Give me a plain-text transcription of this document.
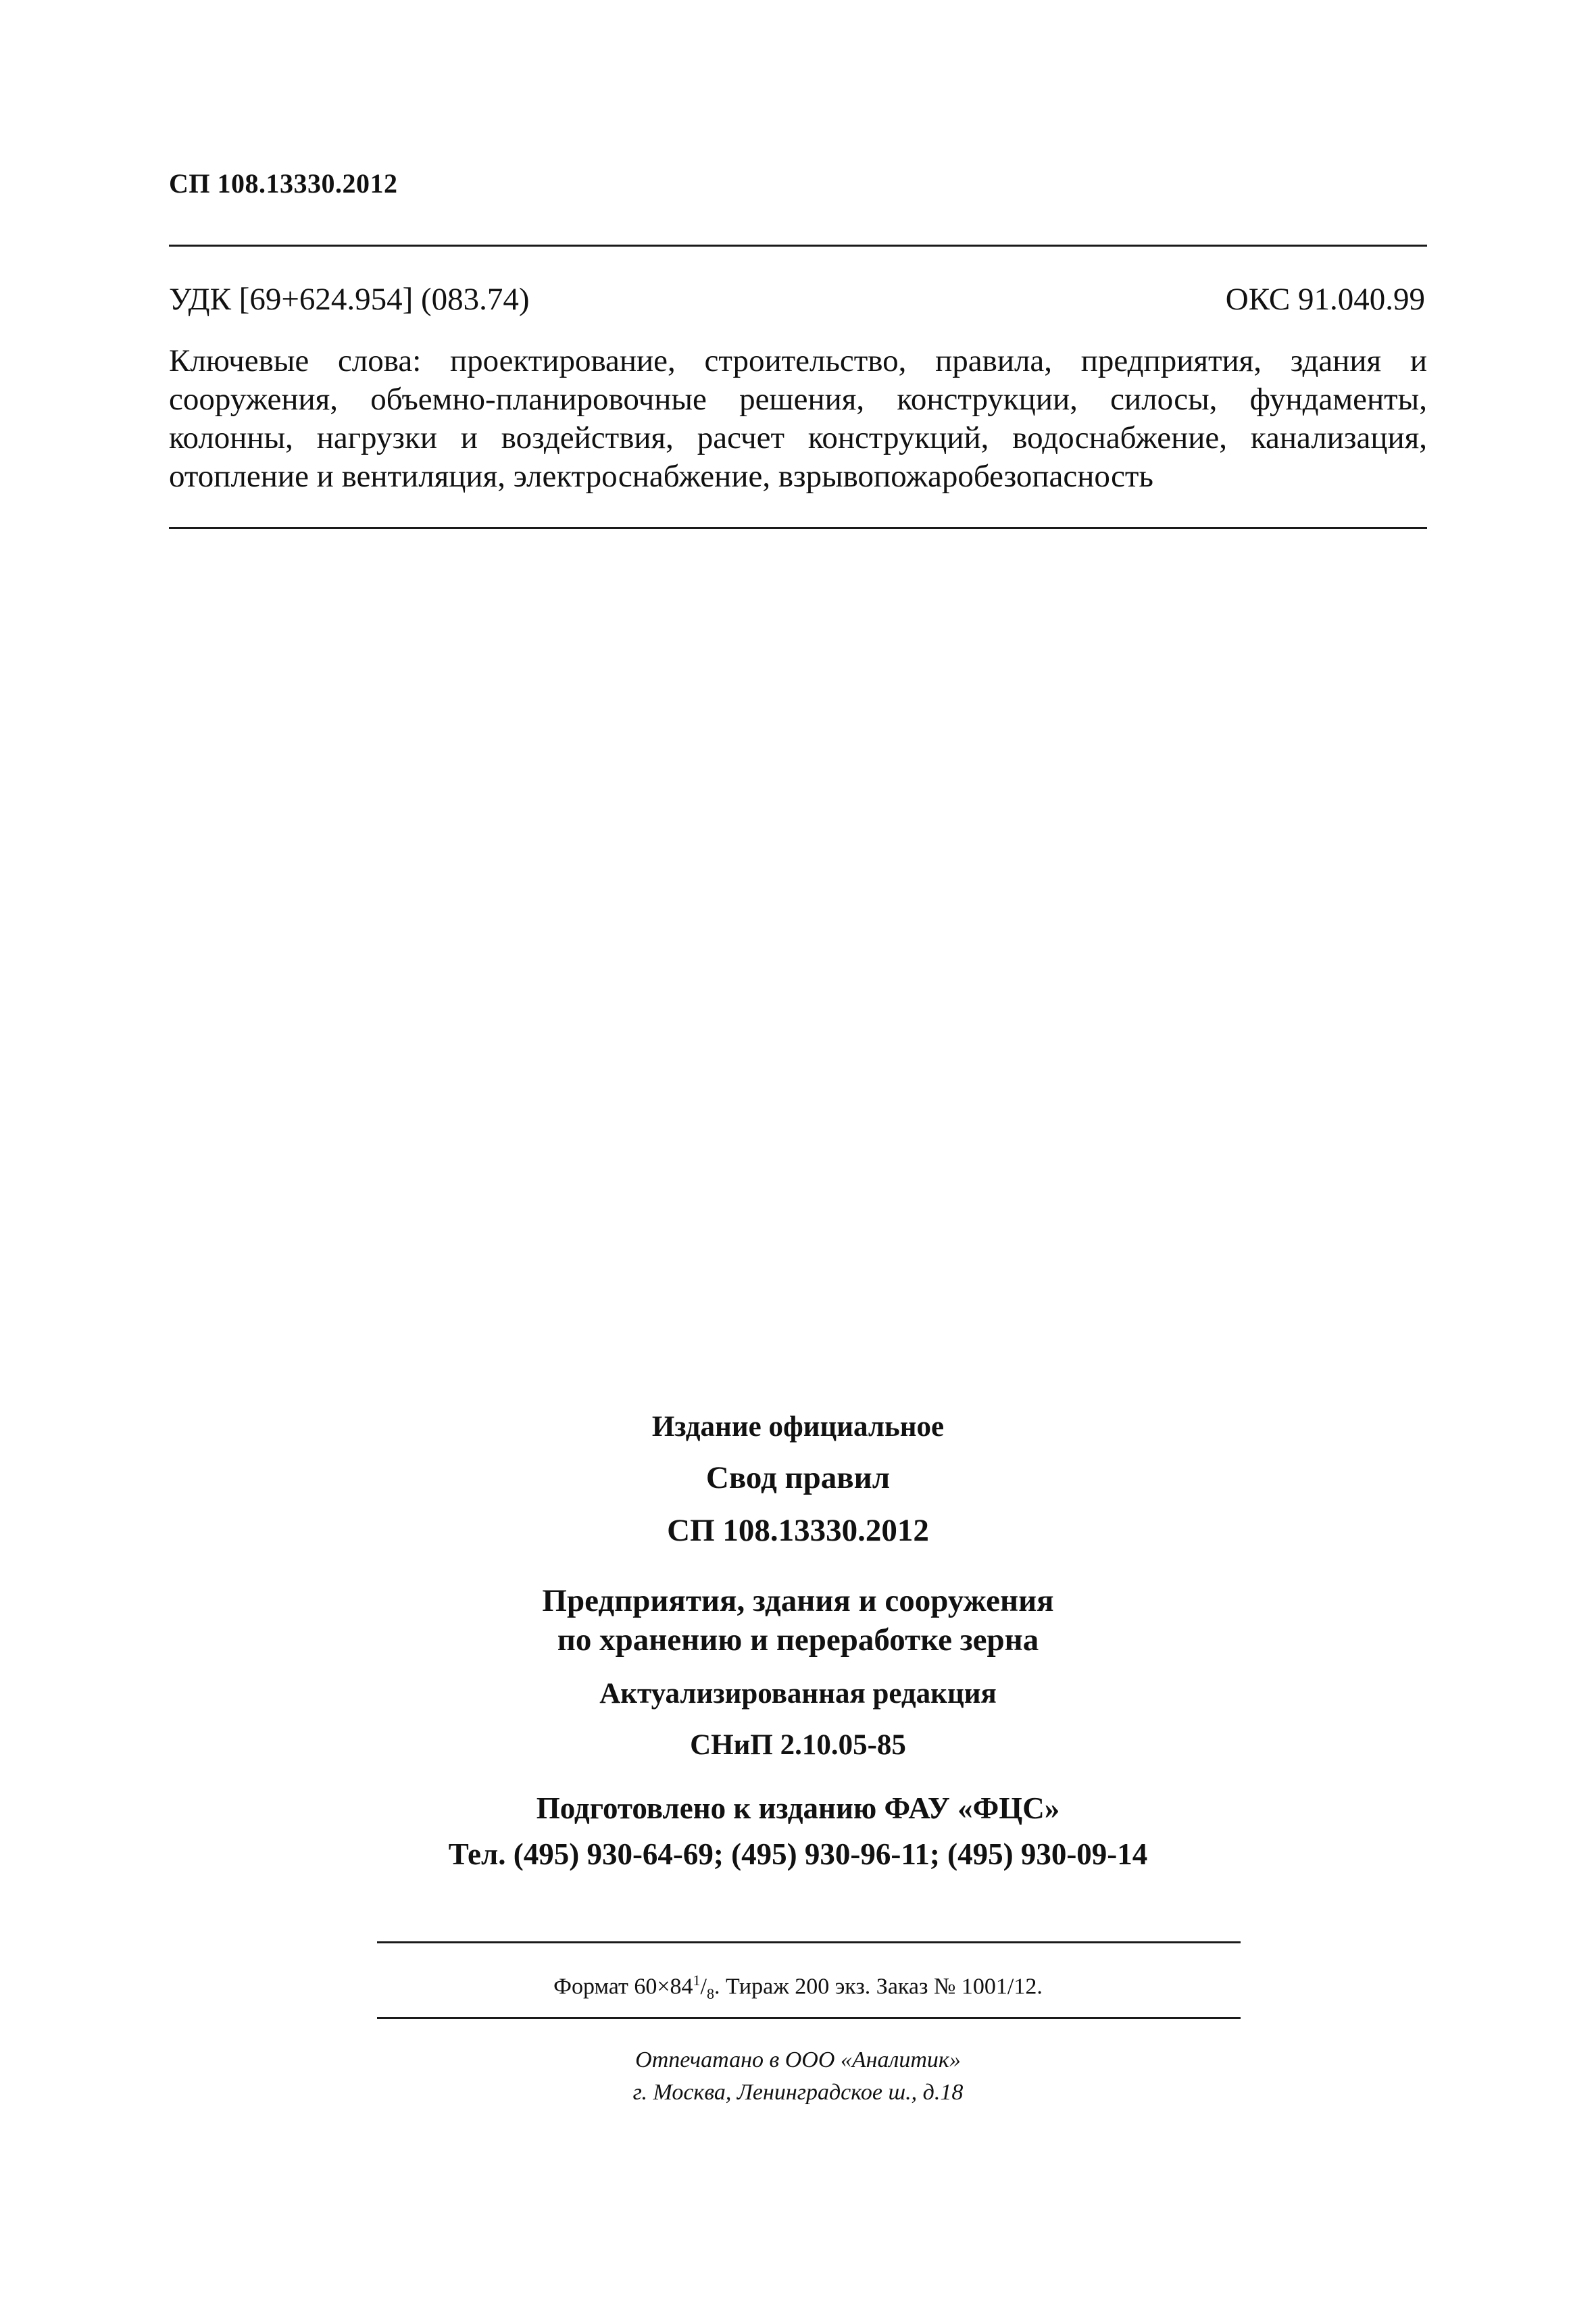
СП 108.13330.2012
УДК [69+624.954] (083.74)	ОКС 91.040.99
Ключевые слова: проектирование, строительство, правила, предприятия, здания и
сооружения, объемно-планировочные решения, конструкции, силосы, фундаменты,
колонны, нагрузки и воздействия, расчет конструкций, водоснабжение, канализация,
отопление и вентиляция, электроснабжение, взрывопожаробезопасность
Издание официальное
Свод правил
СП 108.13330.2012
Предприятия, здания и сооружения
по хранению и переработке зерна
Актуализированная редакция
СНиП 2.10.05-85
Подготовлено к изданию ФАУ «ФЦС»
Тел. (495) 930-64-69; (495) 930-96-11; (495) 930-09-14
Формат $60\times 84^1/_8$. Тираж 200 экз. Заказ № 1001/12.
Отпечатано в ООО «Аналитик»
г. Москва, Ленинградское ш., д.18
